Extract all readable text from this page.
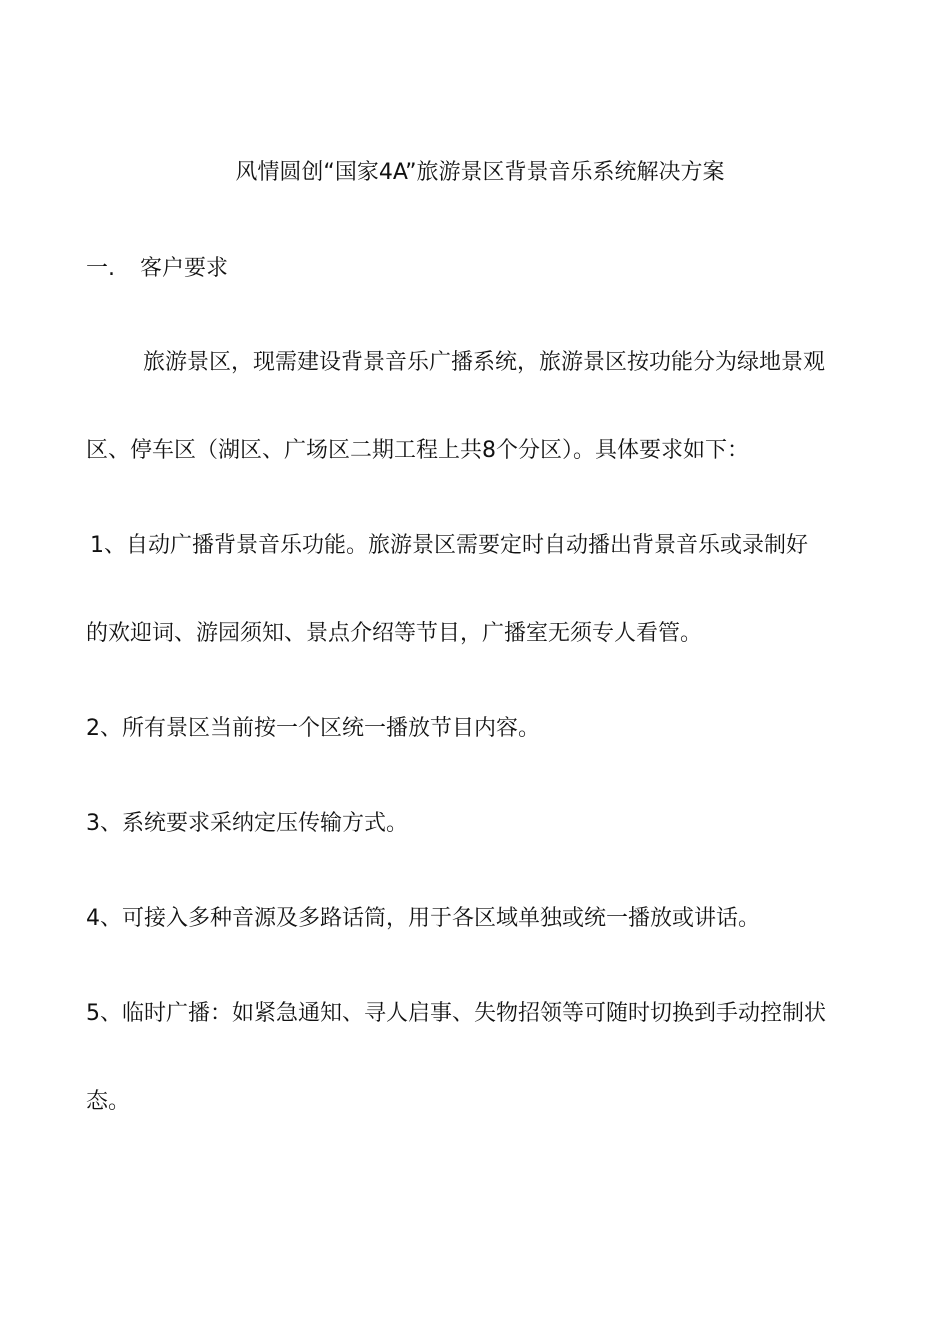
风情圆创“国家4A”旅游景区背景音乐系统解决方案
一. 客户要求
旅游景区，现需建设背景音乐广播系统，旅游景区按功能分为绿地景观
区、停车区（湖区、广场区二期工程上共8个分区）。具体要求如下：
1、自动广播背景音乐功能。旅游景区需要定时自动播出背景音乐或录制好
的欢迎词、游园须知、景点介绍等节目，广播室无须专人看管。
2、所有景区当前按一个区统一播放节目内容。
3、系统要求采纳定压传输方式。
4、可接入多种音源及多路话筒，用于各区域单独或统一播放或讲话。
5、临时广播：如紧急通知、寻人启事、失物招领等可随时切换到手动控制状
态。
